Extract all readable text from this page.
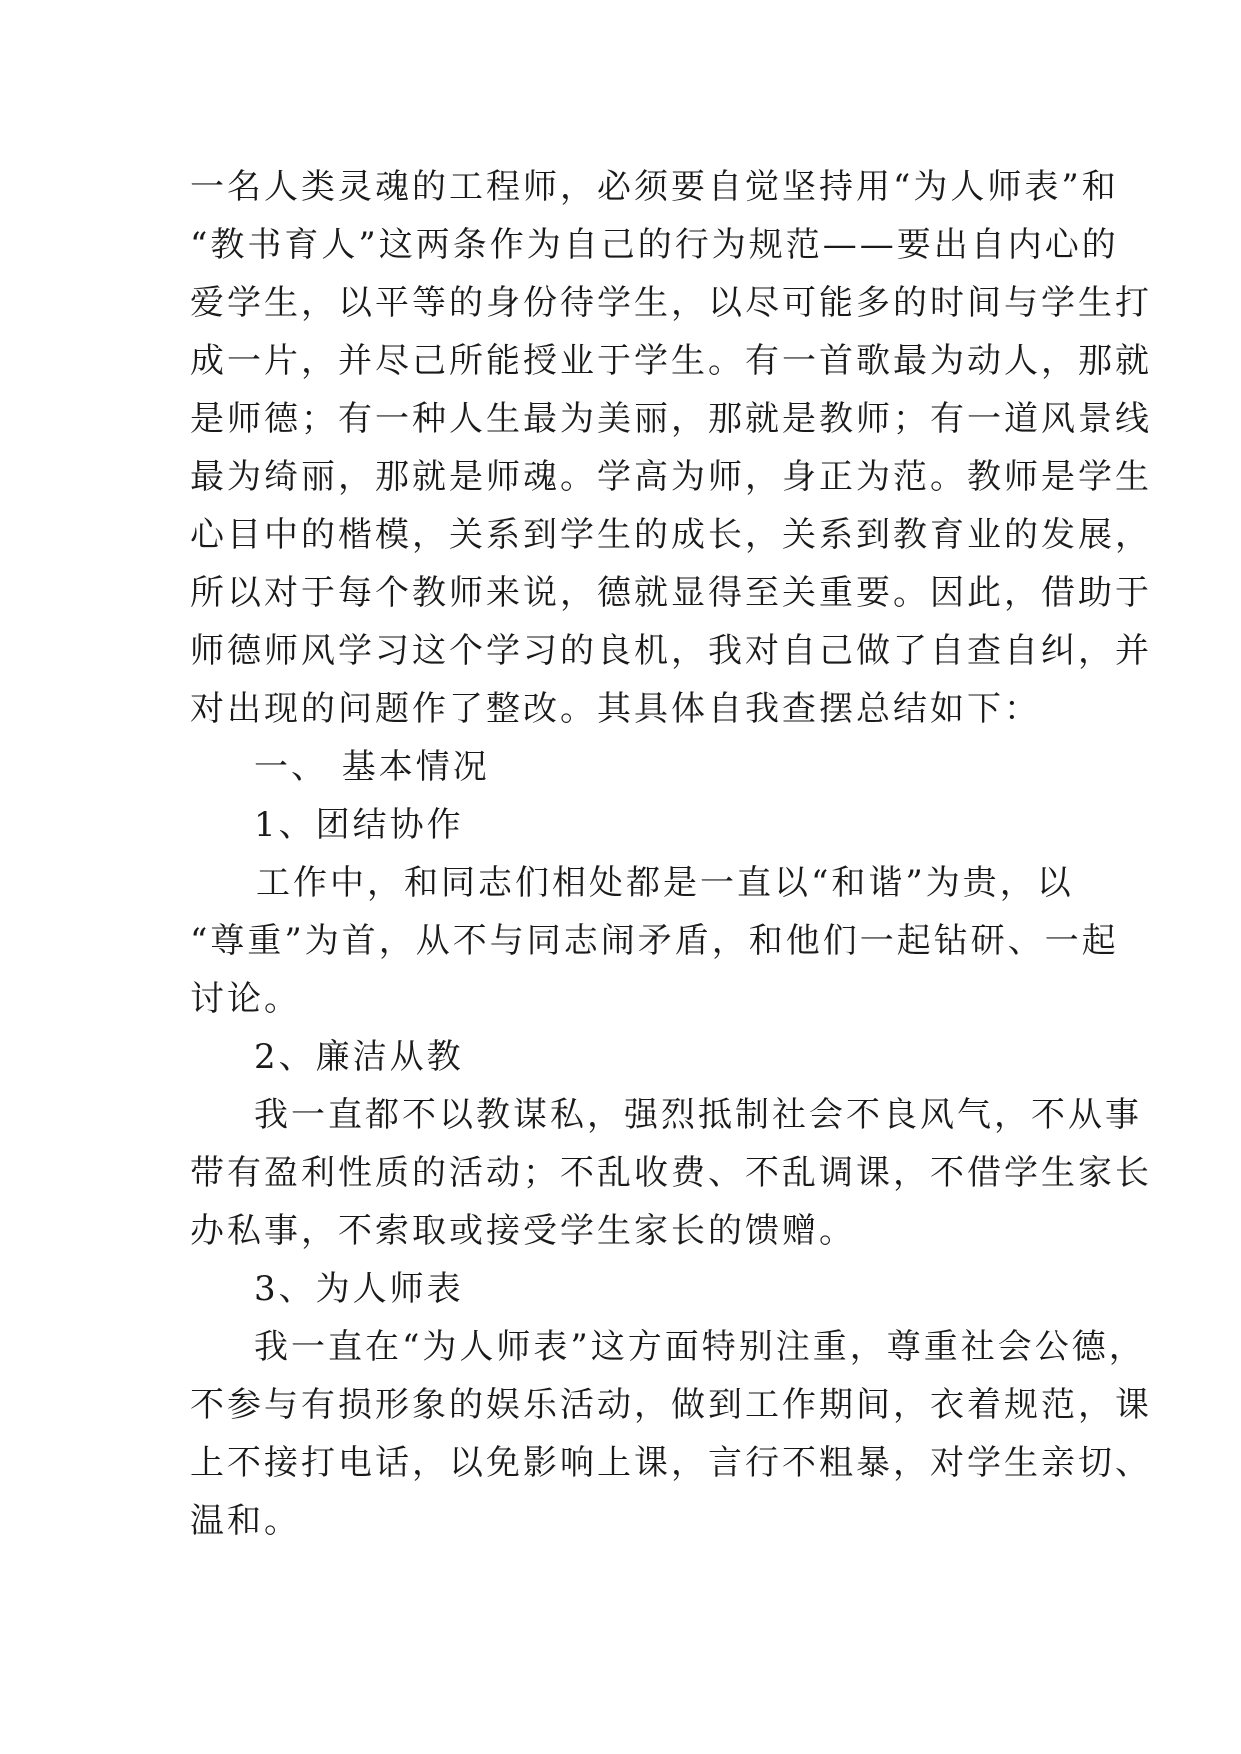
一名人类灵魂的工程师，必须要自觉坚持用“为人师表”和
“教书育人”这两条作为自己的行为规范——要出自内心的
爱学生，以平等的身份待学生，以尽可能多的时间与学生打
成一片，并尽己所能授业于学生。有一首歌最为动人，那就
是师德；有一种人生最为美丽，那就是教师；有一道风景线
最为绮丽，那就是师魂。学高为师，身正为范。教师是学生
心目中的楷模，关系到学生的成长，关系到教育业的发展，
所以对于每个教师来说，德就显得至关重要。因此，借助于
师德师风学习这个学习的良机，我对自己做了自查自纠，并
对出现的问题作了整改。其具体自我查摆总结如下：
一、 基本情况
1、团结协作
工作中，和同志们相处都是一直以“和谐”为贵，以
“尊重”为首，从不与同志闹矛盾，和他们一起钻研、一起
讨论。
2、廉洁从教
我一直都不以教谋私，强烈抵制社会不良风气，不从事
带有盈利性质的活动；不乱收费、不乱调课，不借学生家长
办私事，不索取或接受学生家长的馈赠。
3、为人师表
我一直在“为人师表”这方面特别注重，尊重社会公德，
不参与有损形象的娱乐活动，做到工作期间，衣着规范，课
上不接打电话，以免影响上课，言行不粗暴，对学生亲切、
温和。
